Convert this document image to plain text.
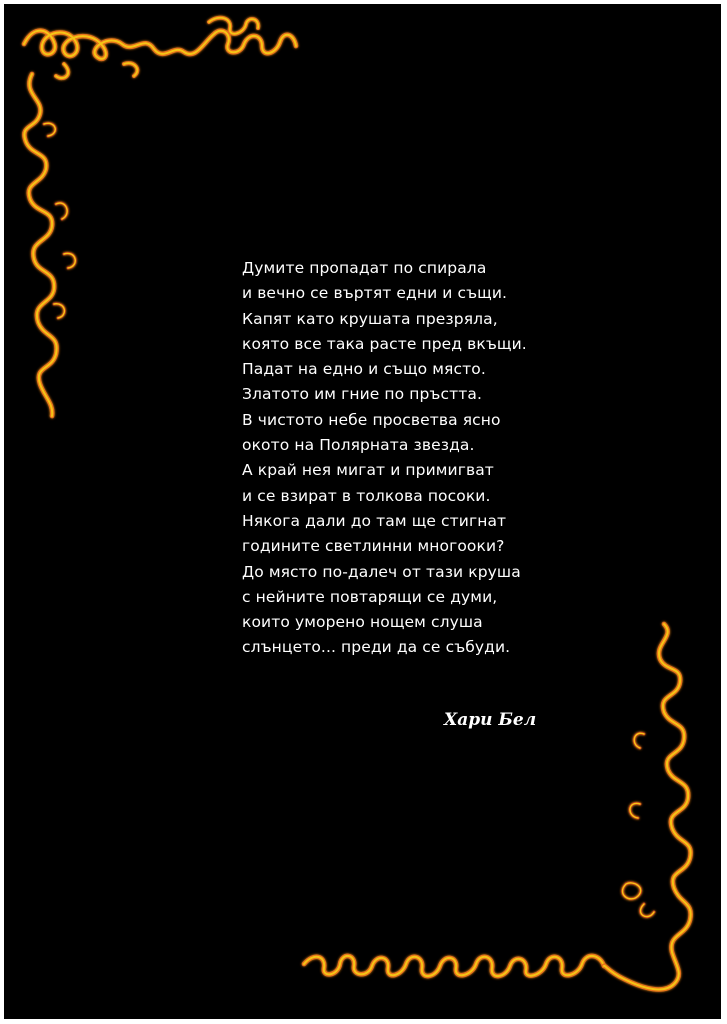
Думите пропадат по спирала
и вечно се въртят едни и същи.
Капят като крушата презряла,
която все така расте пред вкъщи.
Падат на едно и също място.
Златото им гние по пръстта.
В чистото небе просветва ясно
окото на Полярната звезда.
А край нея мигат и примигват
и се взират в толкова посоки.
Някога дали до там ще стигнат
годините светлинни многооки?
До място по-далеч от тази круша
с нейните повтарящи се думи,
които уморено нощем слуша
слънцето... преди да се събуди.
Хари Бел
